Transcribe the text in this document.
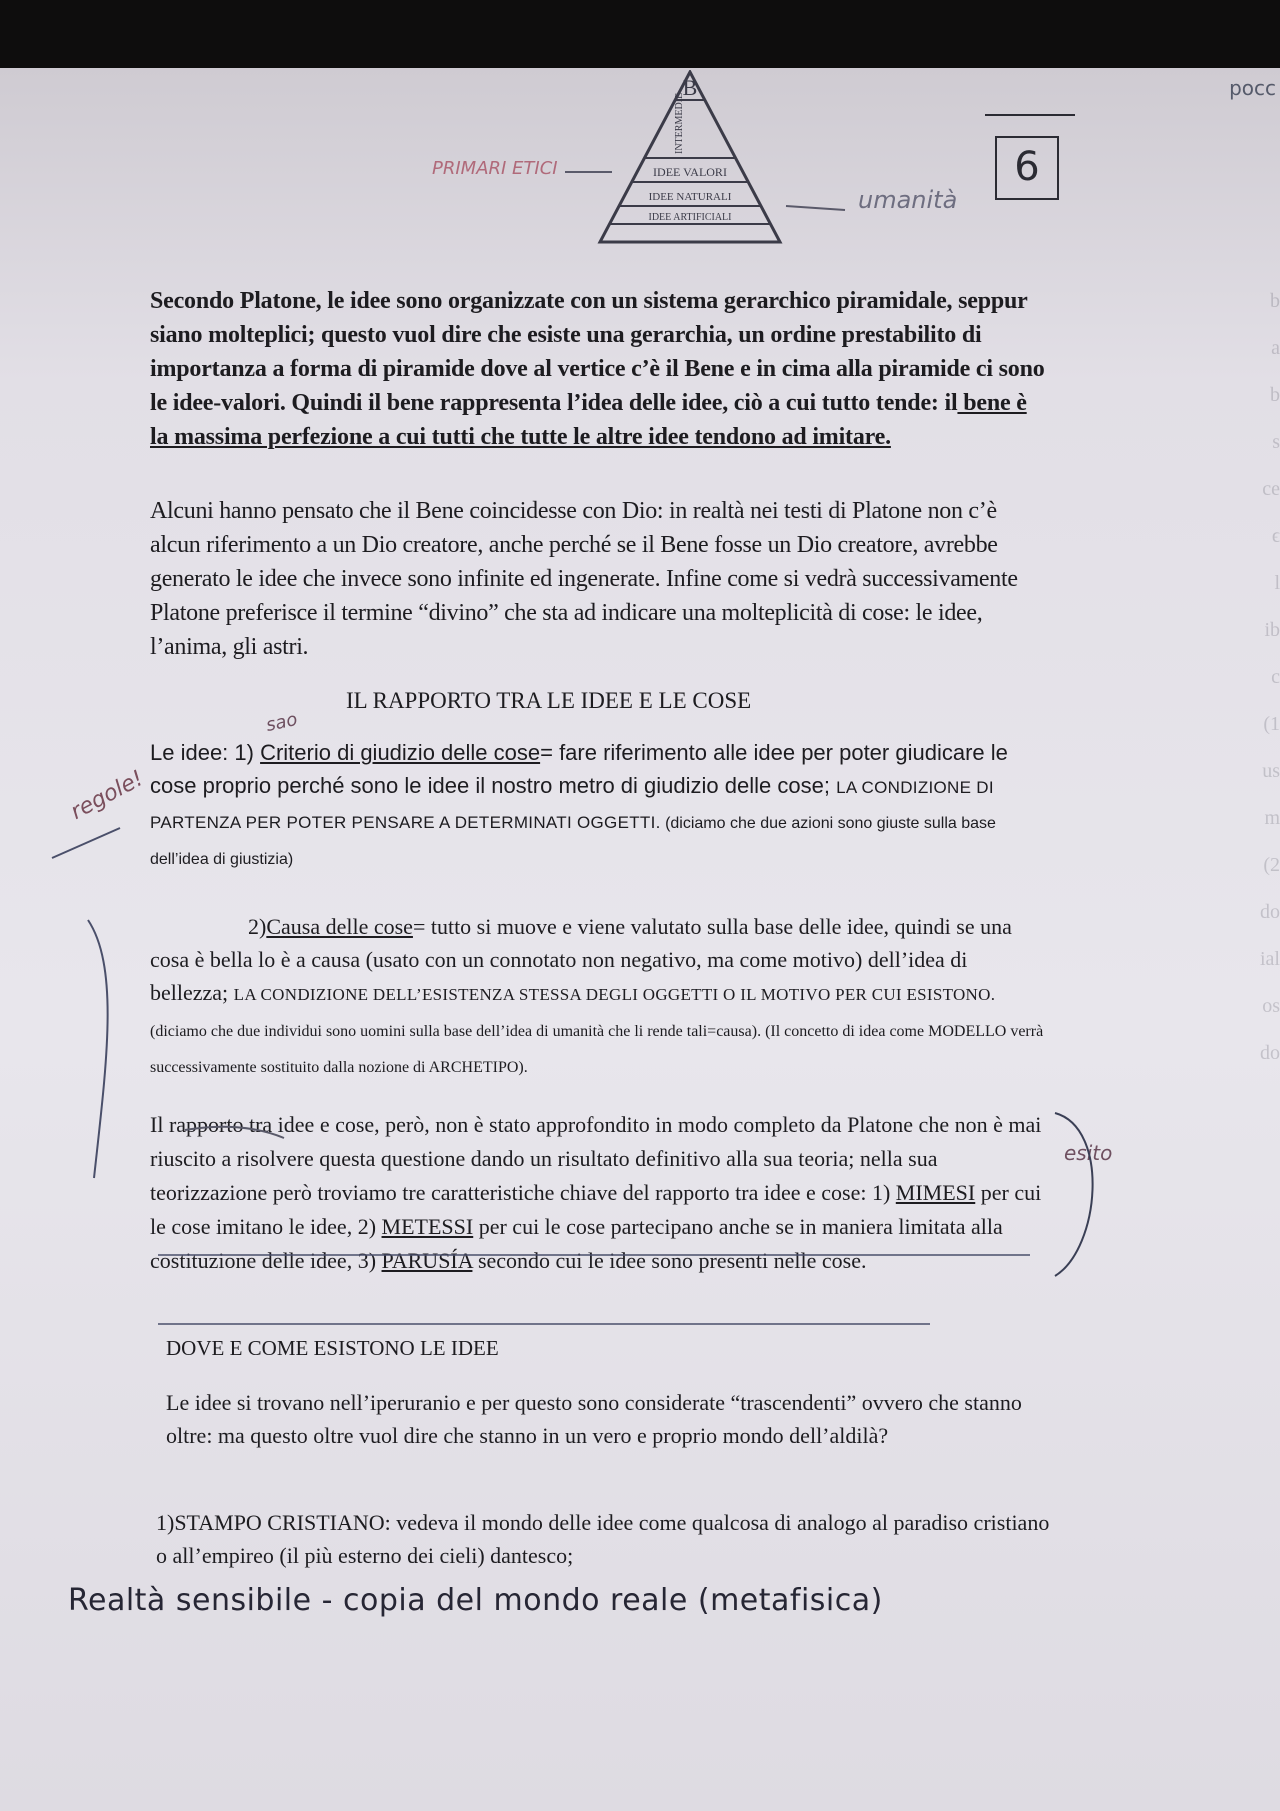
b
a
b
s
ce
ϵ
l
ib
c
(1
us
m
(2
do
ial
os
do
pocc
B
INTERMEDIE
IDEE VALORI
IDEE NATURALI
IDEE ARTIFICIALI
PRIMARI ETICI
umanità
6
Secondo Platone, le idee sono organizzate con un sistema gerarchico piramidale, seppur siano molteplici; questo vuol dire che esiste una gerarchia, un ordine prestabilito di importanza a forma di piramide dove al vertice c’è il Bene e in cima alla piramide ci sono le idee-valori. Quindi il bene rappresenta l’idea delle idee, ciò a cui tutto tende: il bene è la massima perfezione a cui tutti che tutte le altre idee tendono ad imitare.
Alcuni hanno pensato che il Bene coincidesse con Dio: in realtà nei testi di Platone non c’è alcun riferimento a un Dio creatore, anche perché se il Bene fosse un Dio creatore, avrebbe generato le idee che invece sono infinite ed ingenerate. Infine come si vedrà successivamente Platone preferisce il termine “divino” che sta ad indicare una molteplicità di cose: le idee, l’anima, gli astri.
IL RAPPORTO TRA LE IDEE E LE COSE
sao
regole!
Le idee: 1) Criterio di giudizio delle cose= fare riferimento alle idee per poter giudicare le cose proprio perché sono le idee il nostro metro di giudizio delle cose; LA CONDIZIONE DI PARTENZA PER POTER PENSARE A DETERMINATI OGGETTI. (diciamo che due azioni sono giuste sulla base dell’idea di giustizia)
2)Causa delle cose= tutto si muove e viene valutato sulla base delle idee, quindi se una cosa è bella lo è a causa (usato con un connotato non negativo, ma come motivo) dell’idea di bellezza; LA CONDIZIONE DELL’ESISTENZA STESSA DEGLI OGGETTI O IL MOTIVO PER CUI ESISTONO. (diciamo che due individui sono uomini sulla base dell’idea di umanità che li rende tali=causa). (Il concetto di idea come MODELLO verrà successivamente sostituito dalla nozione di ARCHETIPO).
Il rapporto tra idee e cose, però, non è stato approfondito in modo completo da Platone che non è mai riuscito a risolvere questa questione dando un risultato definitivo alla sua teoria; nella sua teorizzazione però troviamo tre caratteristiche chiave del rapporto tra idee e cose: 1) MIMESI per cui le cose imitano le idee, 2) METESSI per cui le cose partecipano anche se in maniera limitata alla costituzione delle idee, 3) PARUSÍA secondo cui le idee sono presenti nelle cose.
esito
DOVE E COME ESISTONO LE IDEE
Le idee si trovano nell’iperuranio e per questo sono considerate “trascendenti” ovvero che stanno oltre: ma questo oltre vuol dire che stanno in un vero e proprio mondo dell’aldilà?
1)STAMPO CRISTIANO: vedeva il mondo delle idee come qualcosa di analogo al paradiso cristiano o all’empireo (il più esterno dei cieli) dantesco;
Realtà sensibile - copia del mondo reale (metafisica)
